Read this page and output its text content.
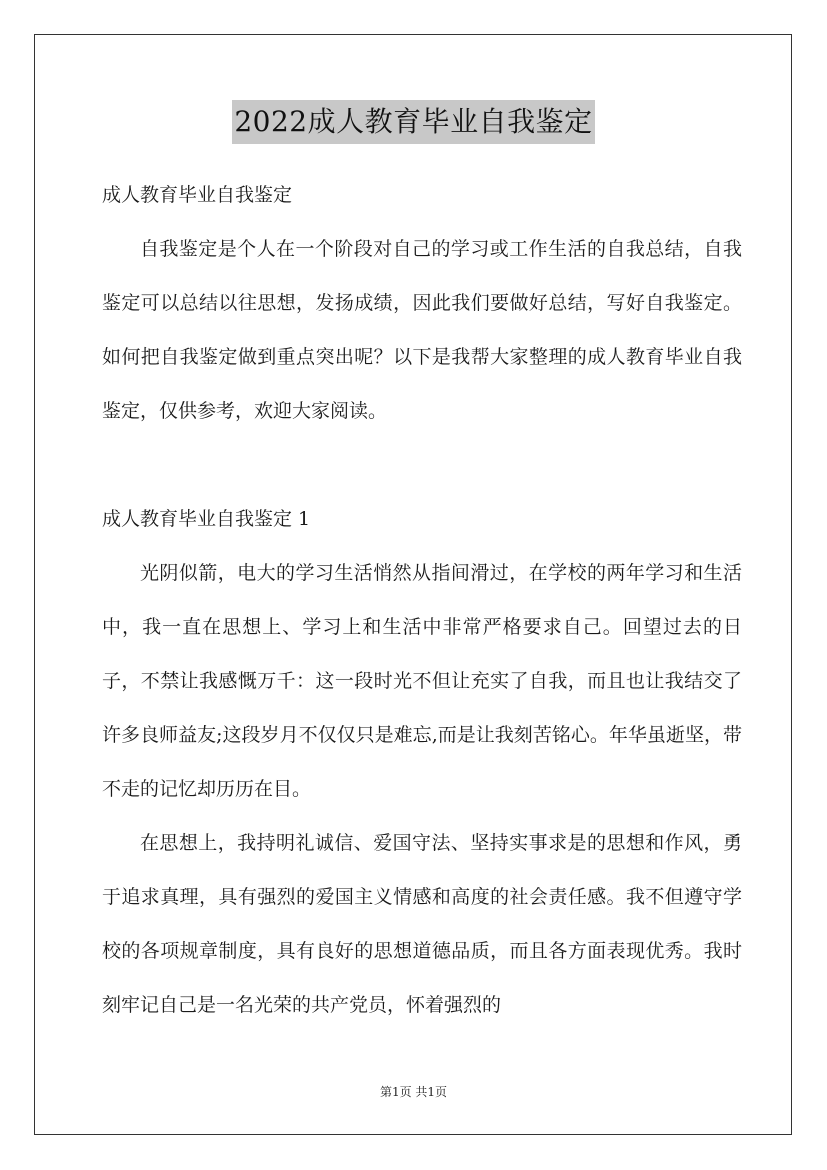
2022成人教育毕业自我鉴定

成人教育毕业自我鉴定

自我鉴定是个人在一个阶段对自己的学习或工作生活的自我总结，自我鉴定可以总结以往思想，发扬成绩，因此我们要做好总结，写好自我鉴定。如何把自我鉴定做到重点突出呢？以下是我帮大家整理的成人教育毕业自我鉴定，仅供参考，欢迎大家阅读。

成人教育毕业自我鉴定 1

光阴似箭，电大的学习生活悄然从指间滑过，在学校的两年学习和生活中，我一直在思想上、学习上和生活中非常严格要求自己。回望过去的日子，不禁让我感慨万千：这一段时光不但让充实了自我，而且也让我结交了许多良师益友;这段岁月不仅仅只是难忘,而是让我刻苦铭心。年华虽逝坚，带不走的记忆却历历在目。

在思想上，我持明礼诚信、爱国守法、坚持实事求是的思想和作风，勇于追求真理，具有强烈的爱国主义情感和高度的社会责任感。我不但遵守学校的各项规章制度，具有良好的思想道德品质，而且各方面表现优秀。我时刻牢记自己是一名光荣的共产党员，怀着强烈的

第1页 共1页
